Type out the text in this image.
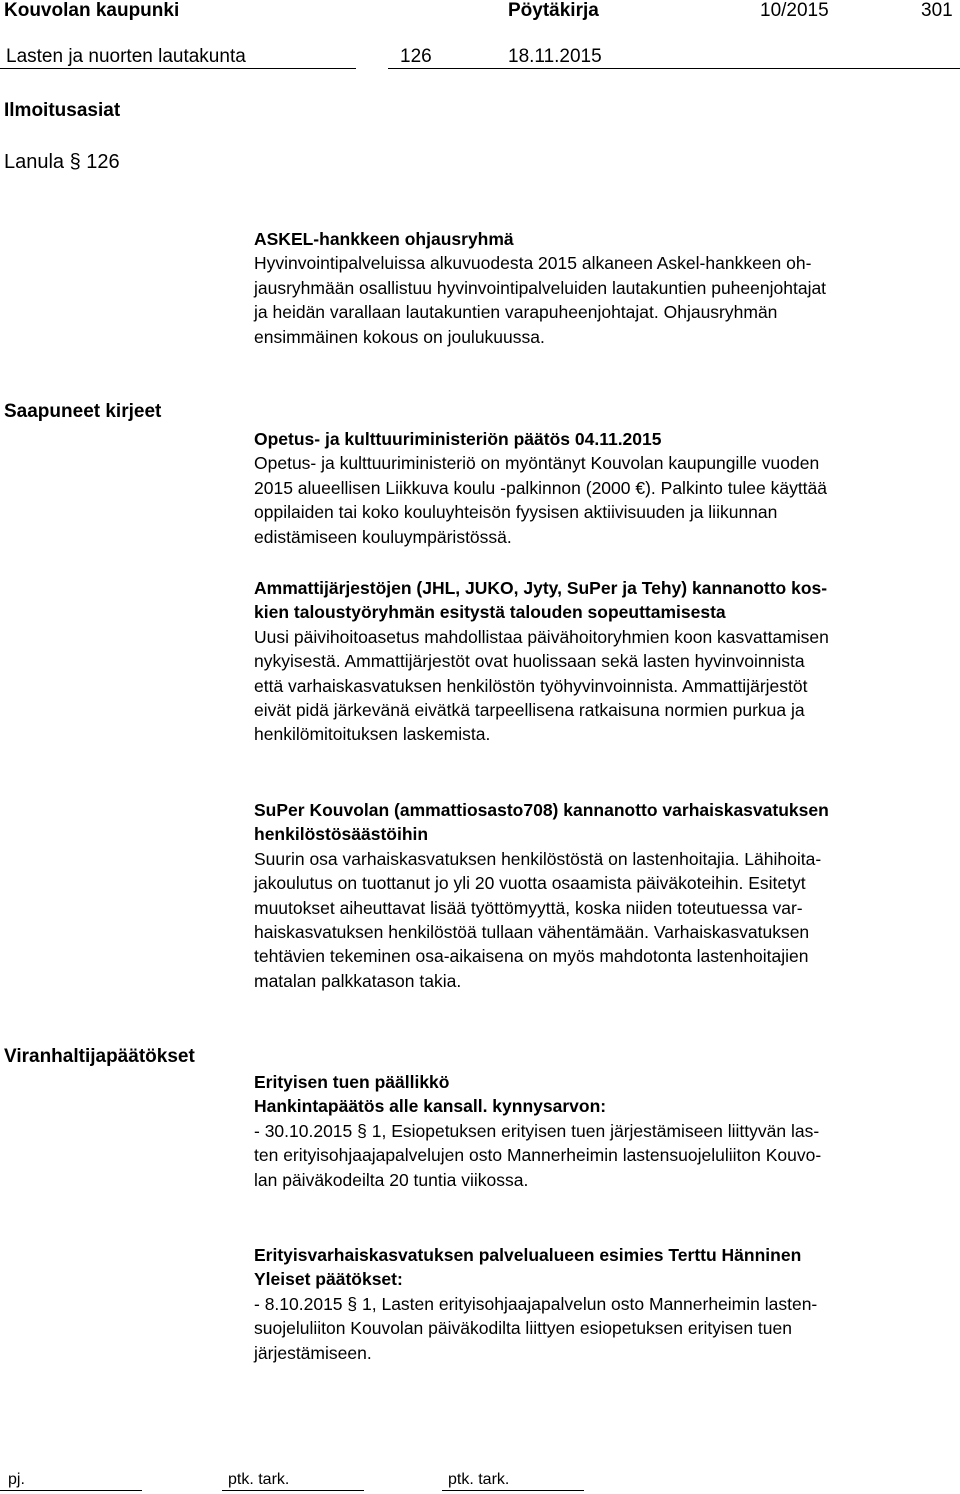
Kouvolan kaupunki	Pöytäkirja	10/2015	301
Lasten ja nuorten lautakunta	126	18.11.2015
Ilmoitusasiat
Lanula § 126
Saapuneet kirjeet
Viranhaltijapäätökset
ASKEL-hankkeen ohjausryhmä
Hyvinvointipalveluissa alkuvuodesta 2015 alkaneen Askel-hankkeen oh-
jausryhmään osallistuu hyvinvointipalveluiden lautakuntien puheenjohtajat
ja heidän varallaan lautakuntien varapuheenjohtajat. Ohjausryhmän
ensimmäinen kokous on joulukuussa.
Opetus- ja kulttuuriministeriön päätös 04.11.2015
Opetus- ja kulttuuriministeriö on myöntänyt Kouvolan kaupungille vuoden
2015 alueellisen Liikkuva koulu -palkinnon (2000 €). Palkinto tulee käyttää
oppilaiden tai koko kouluyhteisön fyysisen aktiivisuuden ja liikunnan
edistämiseen kouluympäristössä.
Ammattijärjestöjen (JHL, JUKO, Jyty, SuPer ja Tehy) kannanotto kos-
kien taloustyöryhmän esitystä talouden sopeuttamisesta
Uusi päivihoitoasetus mahdollistaa päivähoitoryhmien koon kasvattamisen
nykyisestä. Ammattijärjestöt ovat huolissaan sekä lasten hyvinvoinnista
että varhaiskasvatuksen henkilöstön työhyvinvoinnista. Ammattijärjestöt
eivät pidä järkevänä eivätkä tarpeellisena ratkaisuna normien purkua ja
henkilömitoituksen laskemista.
SuPer Kouvolan (ammattiosasto708) kannanotto varhaiskasvatuksen
henkilöstösäästöihin
Suurin osa varhaiskasvatuksen henkilöstöstä on lastenhoitajia. Lähihoita-
jakoulutus on tuottanut jo yli 20 vuotta osaamista päiväkoteihin. Esitetyt
muutokset aiheuttavat lisää työttömyyttä, koska niiden toteutuessa var-
haiskasvatuksen henkilöstöä tullaan vähentämään. Varhaiskasvatuksen
tehtävien tekeminen osa-aikaisena on myös mahdotonta lastenhoitajien
matalan palkkatason takia.
Erityisen tuen päällikkö
Hankintapäätös alle kansall. kynnysarvon:
- 30.10.2015 § 1, Esiopetuksen erityisen tuen järjestämiseen liittyvän las-
ten erityisohjaajapalvelujen osto Mannerheimin lastensuojeluliiton Kouvo-
lan päiväkodeilta 20 tuntia viikossa.
Erityisvarhaiskasvatuksen palvelualueen esimies Terttu Hänninen
Yleiset päätökset:
- 8.10.2015 § 1, Lasten erityisohjaajapalvelun osto Mannerheimin lasten-
suojeluliiton Kouvolan päiväkodilta liittyen esiopetuksen erityisen tuen
järjestämiseen.
pj.	ptk. tark.	ptk. tark.
